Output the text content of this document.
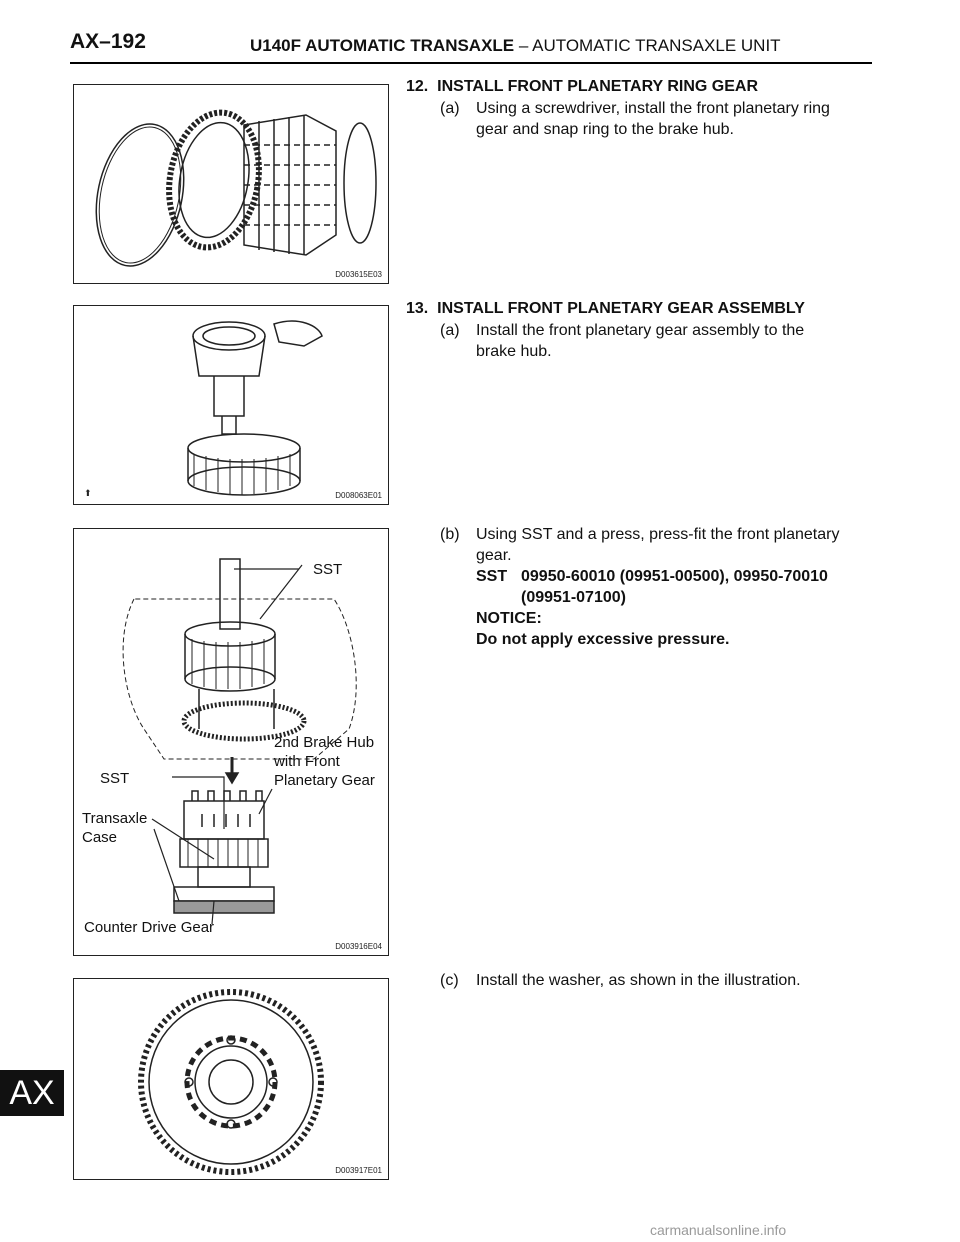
AX–192	U140F AUTOMATIC TRANSAXLE – AUTOMATIC TRANSAXLE UNIT
AX
D003615E03
⬆	D008063E01
SST
2nd Brake Hub
with Front
Planetary Gear
SST
Transaxle
Case
Counter Drive Gear
D003916E04
D003917E01
12. INSTALL FRONT PLANETARY RING GEAR
(a) Using a screwdriver, install the front planetary ring
gear and snap ring to the brake hub.
13. INSTALL FRONT PLANETARY GEAR ASSEMBLY
(a) Install the front planetary gear assembly to the
brake hub.
(b) Using SST and a press, press-fit the front planetary
gear.
SST 09950-60010 (09951-00500), 09950-70010
(09951-07100)
NOTICE:
Do not apply excessive pressure.
(c) Install the washer, as shown in the illustration.
carmanualsonline.info
